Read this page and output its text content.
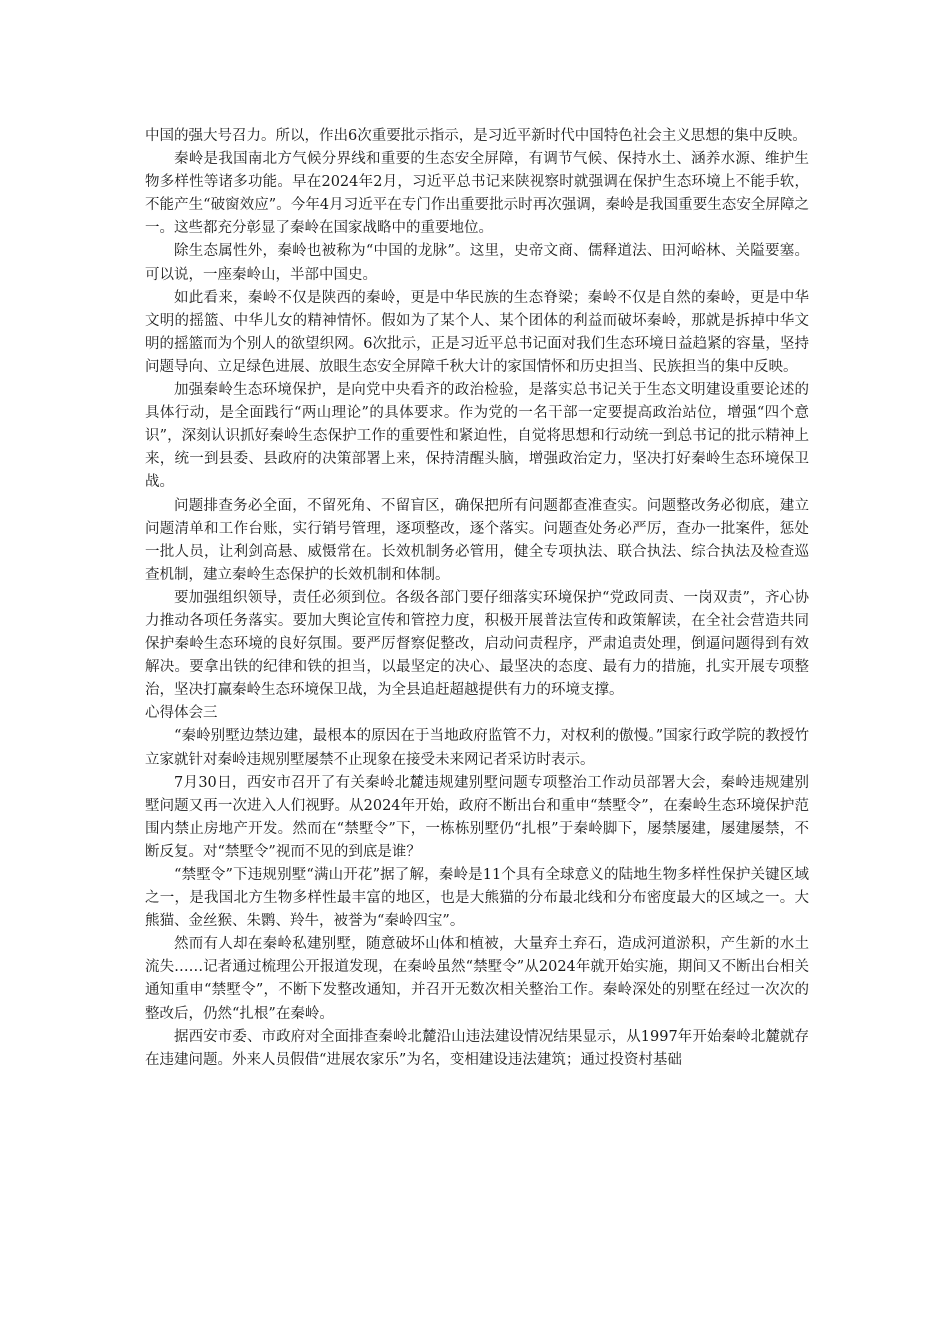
中国的强大号召力。所以，作出6次重要批示指示，是习近平新时代中国特色社会主义思想的集中反映。

秦岭是我国南北方气候分界线和重要的生态安全屏障，有调节气候、保持水土、涵养水源、维护生物多样性等诸多功能。早在2024年2月，习近平总书记来陕视察时就强调在保护生态环境上不能手软，不能产生“破窗效应”。今年4月习近平在专门作出重要批示时再次强调，秦岭是我国重要生态安全屏障之一。这些都充分彰显了秦岭在国家战略中的重要地位。

除生态属性外，秦岭也被称为“中国的龙脉”。这里，史帝文商、儒释道法、田河峪林、关隘要塞。可以说，一座秦岭山，半部中国史。

如此看来，秦岭不仅是陕西的秦岭，更是中华民族的生态脊梁；秦岭不仅是自然的秦岭，更是中华文明的摇篮、中华儿女的精神情怀。假如为了某个人、某个团体的利益而破坏秦岭，那就是拆掉中华文明的摇篮而为个别人的欲望织网。6次批示，正是习近平总书记面对我们生态环境日益趋紧的容量，坚持问题导向、立足绿色进展、放眼生态安全屏障千秋大计的家国情怀和历史担当、民族担当的集中反映。

加强秦岭生态环境保护，是向党中央看齐的政治检验，是落实总书记关于生态文明建设重要论述的具体行动，是全面践行“两山理论”的具体要求。作为党的一名干部一定要提高政治站位，增强“四个意识”，深刻认识抓好秦岭生态保护工作的重要性和紧迫性，自觉将思想和行动统一到总书记的批示精神上来，统一到县委、县政府的决策部署上来，保持清醒头脑，增强政治定力，坚决打好秦岭生态环境保卫战。

问题排查务必全面，不留死角、不留盲区，确保把所有问题都查准查实。问题整改务必彻底，建立问题清单和工作台账，实行销号管理，逐项整改，逐个落实。问题查处务必严厉，查办一批案件，惩处一批人员，让利剑高悬、威慑常在。长效机制务必管用，健全专项执法、联合执法、综合执法及检查巡查机制，建立秦岭生态保护的长效机制和体制。

要加强组织领导，责任必须到位。各级各部门要仔细落实环境保护“党政同责、一岗双责”，齐心协力推动各项任务落实。要加大舆论宣传和管控力度，积极开展普法宣传和政策解读，在全社会营造共同保护秦岭生态环境的良好氛围。要严厉督察促整改，启动问责程序，严肃追责处理，倒逼问题得到有效解决。要拿出铁的纪律和铁的担当，以最坚定的决心、最坚决的态度、最有力的措施，扎实开展专项整治，坚决打赢秦岭生态环境保卫战，为全县追赶超越提供有力的环境支撑。

心得体会三

“秦岭别墅边禁边建，最根本的原因在于当地政府监管不力，对权利的傲慢。”国家行政学院的教授竹立家就针对秦岭违规别墅屡禁不止现象在接受未来网记者采访时表示。

7月30日，西安市召开了有关秦岭北麓违规建别墅问题专项整治工作动员部署大会，秦岭违规建别墅问题又再一次进入人们视野。从2024年开始，政府不断出台和重申“禁墅令”，在秦岭生态环境保护范围内禁止房地产开发。然而在“禁墅令”下，一栋栋别墅仍“扎根”于秦岭脚下，屡禁屡建，屡建屡禁，不断反复。对“禁墅令”视而不见的到底是谁？

“禁墅令”下违规别墅“满山开花”据了解，秦岭是11个具有全球意义的陆地生物多样性保护关键区域之一，是我国北方生物多样性最丰富的地区，也是大熊猫的分布最北线和分布密度最大的区域之一。大熊猫、金丝猴、朱鹮、羚牛，被誉为“秦岭四宝”。

然而有人却在秦岭私建别墅，随意破坏山体和植被，大量弃土弃石，造成河道淤积，产生新的水土流失……记者通过梳理公开报道发现，在秦岭虽然“禁墅令”从2024年就开始实施，期间又不断出台相关通知重申“禁墅令”，不断下发整改通知，并召开无数次相关整治工作。秦岭深处的别墅在经过一次次的整改后，仍然“扎根”在秦岭。

据西安市委、市政府对全面排查秦岭北麓沿山违法建设情况结果显示，从1997年开始秦岭北麓就存在违建问题。外来人员假借“进展农家乐”为名，变相建设违法建筑；通过投资村基础
